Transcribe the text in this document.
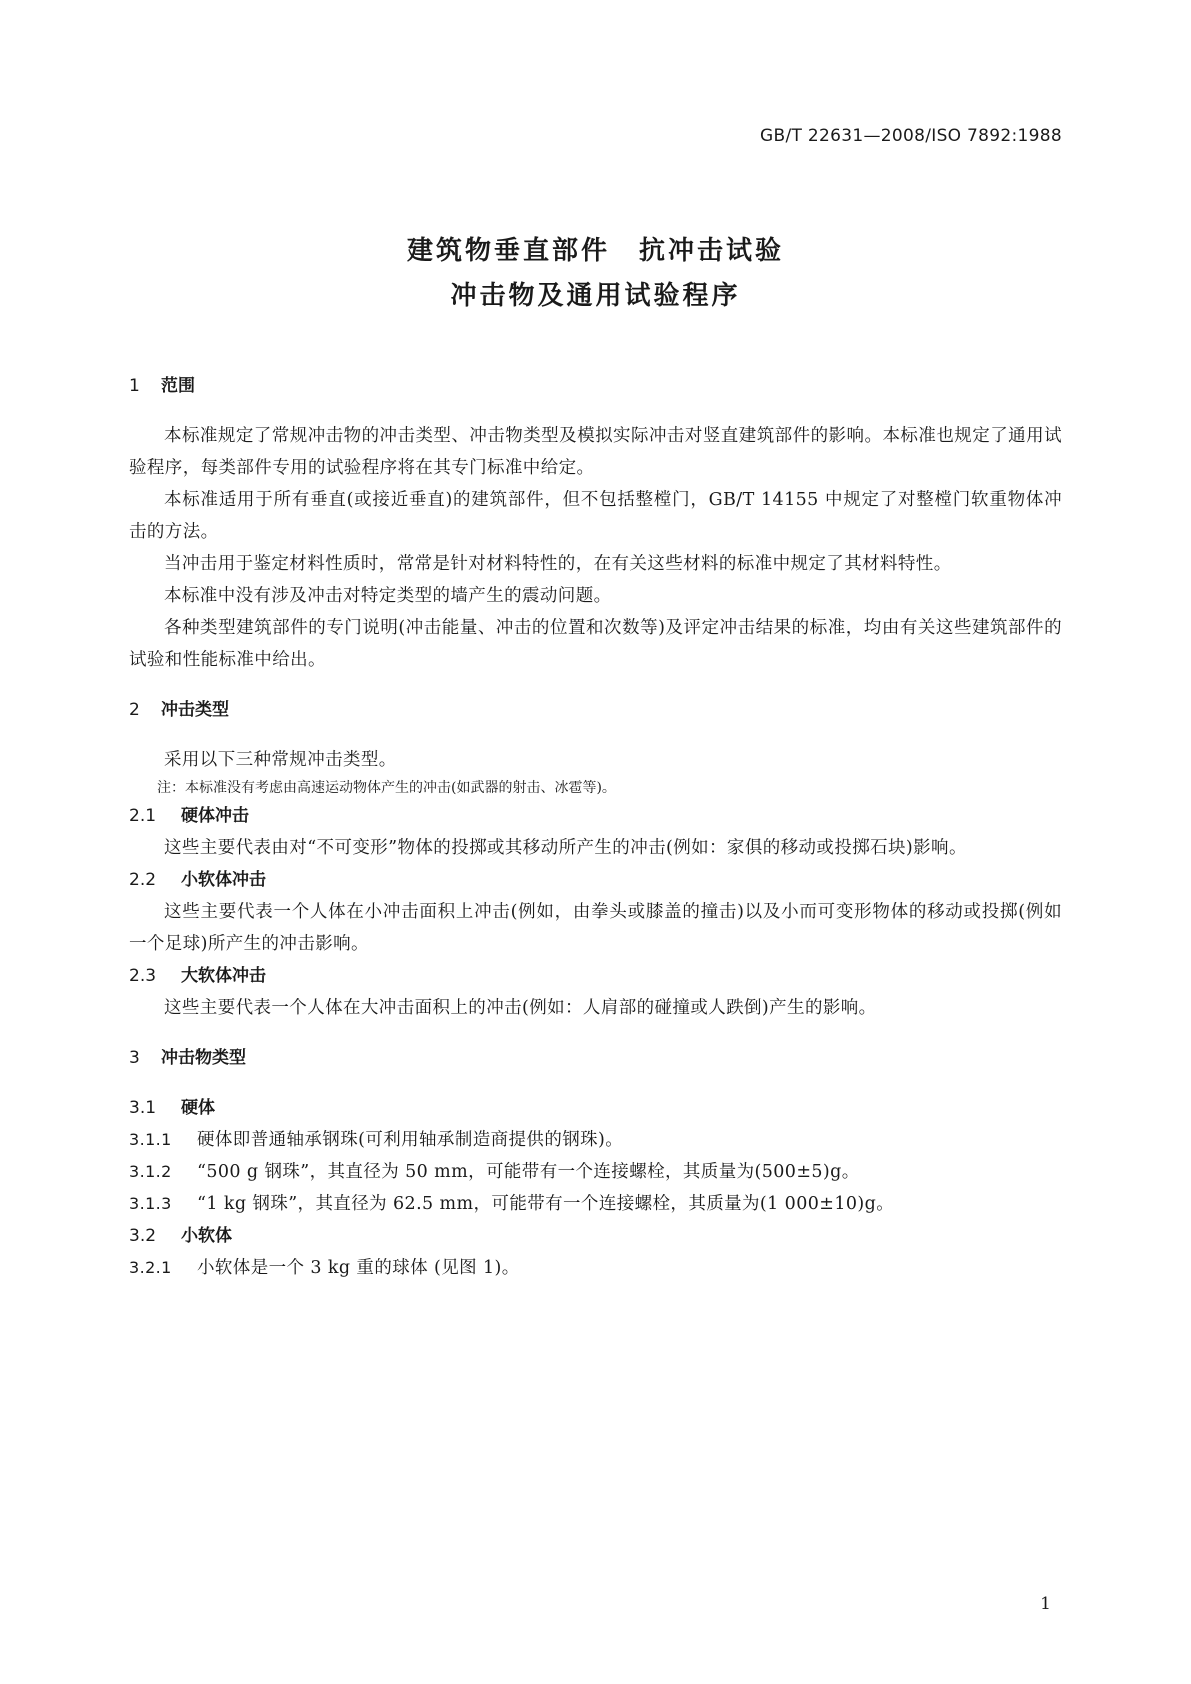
GB/T 22631—2008/ISO 7892:1988
建筑物垂直部件　抗冲击试验
冲击物及通用试验程序
1 范围

本标准规定了常规冲击物的冲击类型、冲击物类型及模拟实际冲击对竖直建筑部件的影响。本标准也规定了通用试验程序，每类部件专用的试验程序将在其专门标准中给定。

本标准适用于所有垂直(或接近垂直)的建筑部件，但不包括整樘门，GB/T 14155 中规定了对整樘门软重物体冲击的方法。

当冲击用于鉴定材料性质时，常常是针对材料特性的，在有关这些材料的标准中规定了其材料特性。

本标准中没有涉及冲击对特定类型的墙产生的震动问题。

各种类型建筑部件的专门说明(冲击能量、冲击的位置和次数等)及评定冲击结果的标准，均由有关这些建筑部件的试验和性能标准中给出。

2 冲击类型

采用以下三种常规冲击类型。

注：本标准没有考虑由高速运动物体产生的冲击(如武器的射击、冰雹等)。

2.1 硬体冲击

这些主要代表由对“不可变形”物体的投掷或其移动所产生的冲击(例如：家俱的移动或投掷石块)影响。

2.2 小软体冲击

这些主要代表一个人体在小冲击面积上冲击(例如，由拳头或膝盖的撞击)以及小而可变形物体的移动或投掷(例如一个足球)所产生的冲击影响。

2.3 大软体冲击

这些主要代表一个人体在大冲击面积上的冲击(例如：人肩部的碰撞或人跌倒)产生的影响。

3 冲击物类型
3.1 硬体

3.1.1 硬体即普通轴承钢珠(可利用轴承制造商提供的钢珠)。

3.1.2 “500 g 钢珠”，其直径为 50 mm，可能带有一个连接螺栓，其质量为(500±5)g。

3.1.3 “1 kg 钢珠”，其直径为 62.5 mm，可能带有一个连接螺栓，其质量为(1 000±10)g。

3.2 小软体

3.2.1 小软体是一个 3 kg 重的球体 (见图 1)。

1
